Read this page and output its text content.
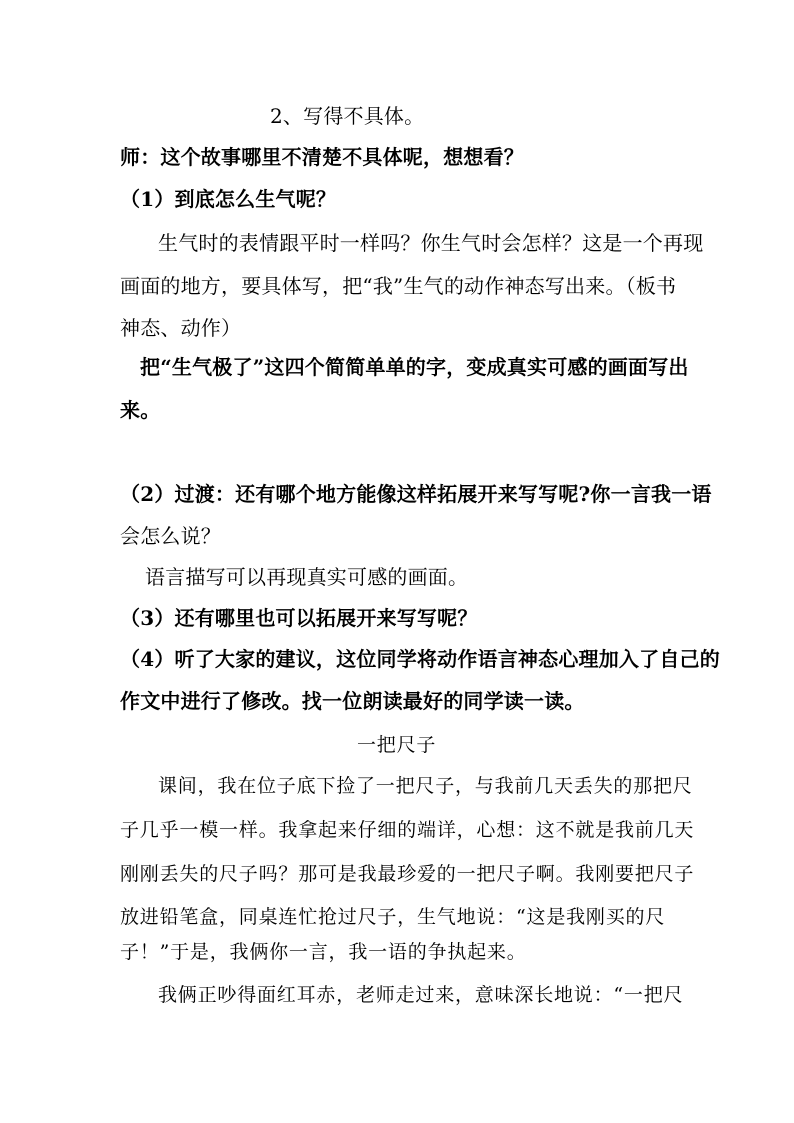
2、写得不具体。
师：这个故事哪里不清楚不具体呢，想想看？
（1）到底怎么生气呢？
生气时的表情跟平时一样吗？你生气时会怎样？这是一个再现
画面的地方，要具体写，把“我”生气的动作神态写出来。（板书
神态、动作）
把“生气极了”这四个简简单单的字，变成真实可感的画面写出
来。
（2）过渡：还有哪个地方能像这样拓展开来写写呢?你一言我一语
会怎么说？
语言描写可以再现真实可感的画面。
（3）还有哪里也可以拓展开来写写呢？
（4）听了大家的建议，这位同学将动作语言神态心理加入了自己的
作文中进行了修改。找一位朗读最好的同学读一读。
一把尺子
课间，我在位子底下捡了一把尺子，与我前几天丢失的那把尺
子几乎一模一样。我拿起来仔细的端详，心想：这不就是我前几天
刚刚丢失的尺子吗？那可是我最珍爱的一把尺子啊。我刚要把尺子
放进铅笔盒，同桌连忙抢过尺子，生气地说：“这是我刚买的尺
子！”于是，我俩你一言，我一语的争执起来。
我俩正吵得面红耳赤，老师走过来，意味深长地说：“一把尺
